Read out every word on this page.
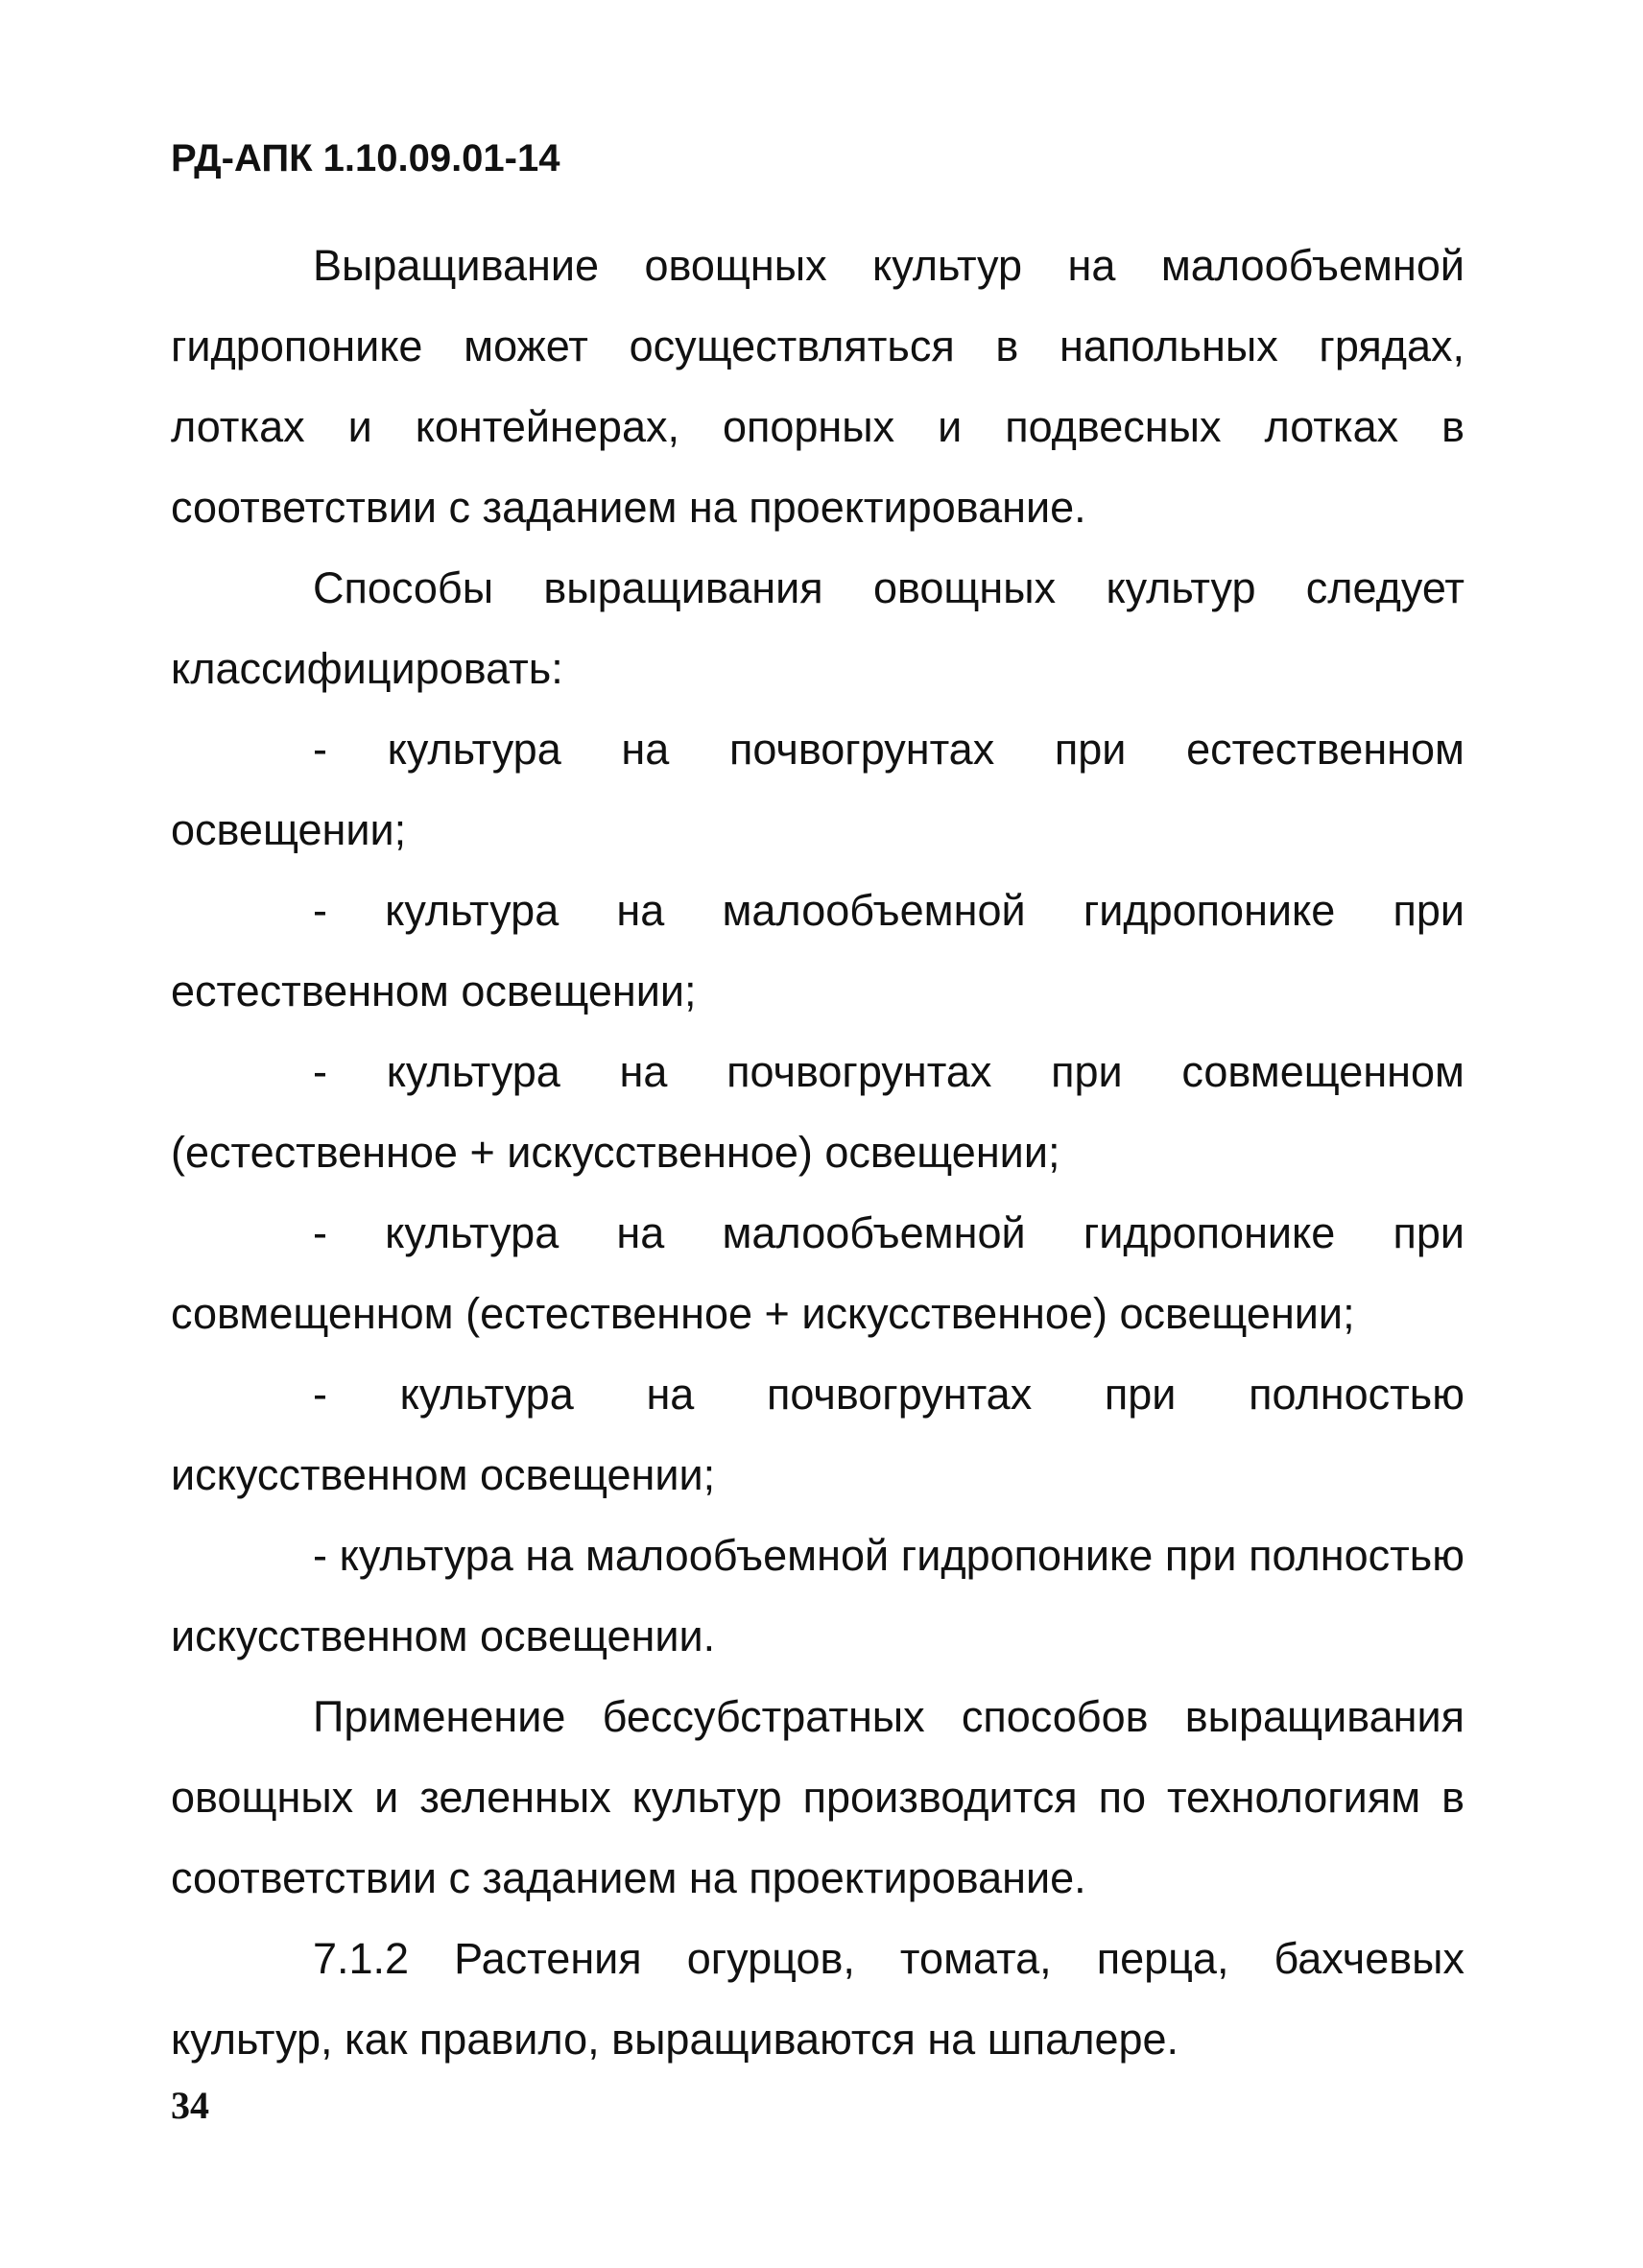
РД-АПК 1.10.09.01-14

Выращивание овощных культур на малообъемной гидропонике может осуществляться в напольных грядах, лотках и контейнерах, опорных и подвесных лотках в соответствии с заданием на проектирование.

Способы выращивания овощных культур следует классифицировать:

- культура на почвогрунтах при естественном освещении;

- культура на малообъемной гидропонике при естественном освещении;

- культура на почвогрунтах при совмещенном (естественное + искусственное) освещении;

- культура на малообъемной гидропонике при совмещенном (естественное + искусственное) освещении;

- культура на почвогрунтах при полностью искусственном освещении;

- культура на малообъемной гидропонике при полностью искусственном освещении.

Применение бессубстратных способов выращивания овощных и зеленных культур производится по технологиям в соответствии с заданием на проектирование.

7.1.2 Растения огурцов, томата, перца, бахчевых культур, как правило, выращиваются на шпалере.

34
